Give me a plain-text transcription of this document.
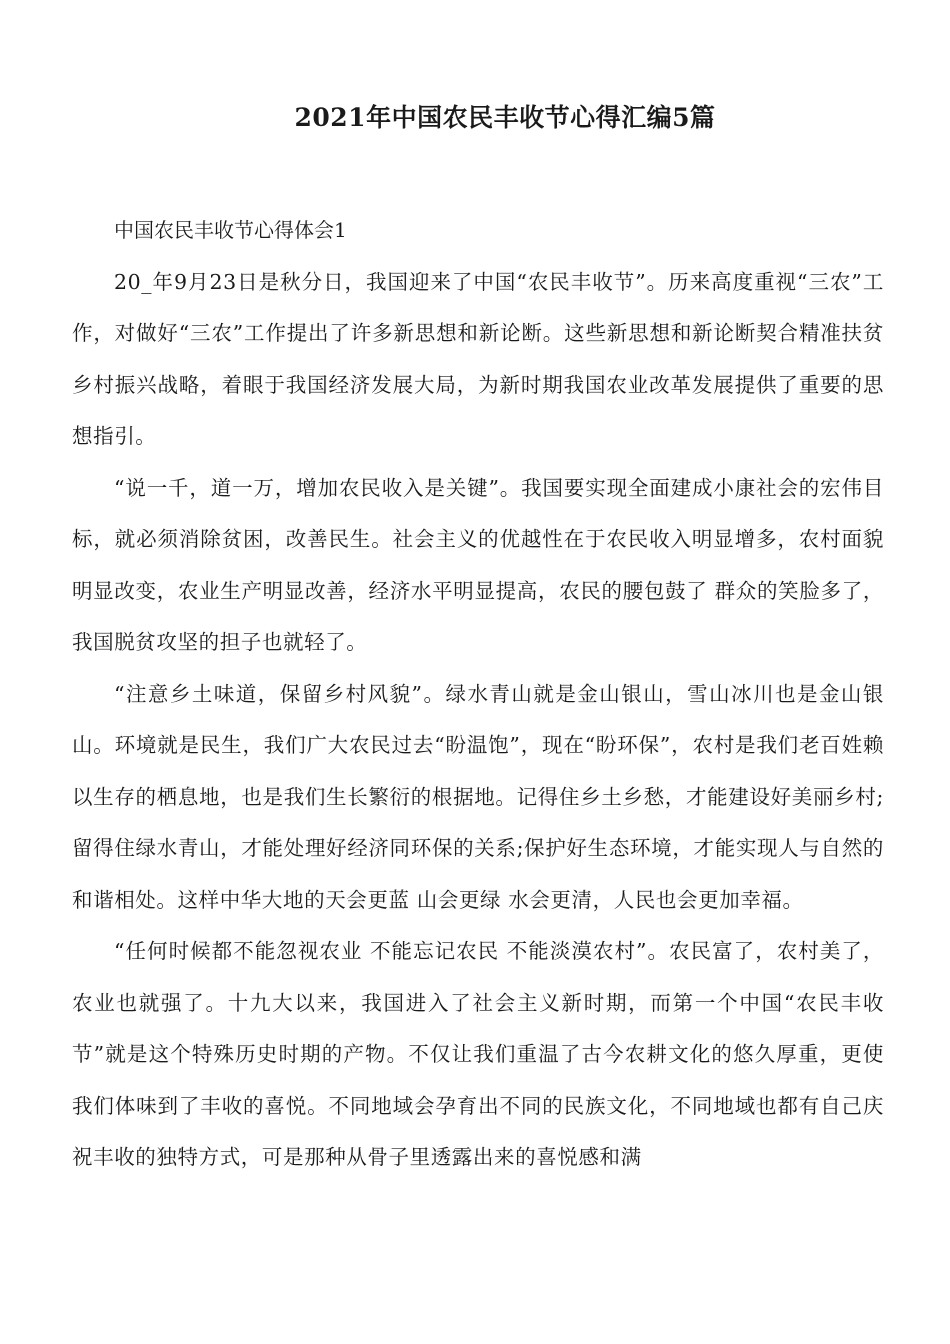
2021年中国农民丰收节心得汇编5篇

中国农民丰收节心得体会1

20_年9月23日是秋分日，我国迎来了中国“农民丰收节”。历来高度重视“三农”工作，对做好“三农”工作提出了许多新思想和新论断。这些新思想和新论断契合精准扶贫 乡村振兴战略，着眼于我国经济发展大局，为新时期我国农业改革发展提供了重要的思想指引。

“说一千，道一万，增加农民收入是关键”。我国要实现全面建成小康社会的宏伟目标，就必须消除贫困，改善民生。社会主义的优越性在于农民收入明显增多，农村面貌明显改变，农业生产明显改善，经济水平明显提高，农民的腰包鼓了 群众的笑脸多了，我国脱贫攻坚的担子也就轻了。

“注意乡土味道，保留乡村风貌”。绿水青山就是金山银山，雪山冰川也是金山银山。环境就是民生，我们广大农民过去“盼温饱”，现在“盼环保”，农村是我们老百姓赖以生存的栖息地，也是我们生长繁衍的根据地。记得住乡土乡愁，才能建设好美丽乡村;留得住绿水青山，才能处理好经济同环保的关系;保护好生态环境，才能实现人与自然的和谐相处。这样中华大地的天会更蓝 山会更绿 水会更清，人民也会更加幸福。

“任何时候都不能忽视农业 不能忘记农民 不能淡漠农村”。农民富了，农村美了，农业也就强了。十九大以来，我国进入了社会主义新时期，而第一个中国“农民丰收节”就是这个特殊历史时期的产物。不仅让我们重温了古今农耕文化的悠久厚重，更使我们体味到了丰收的喜悦。不同地域会孕育出不同的民族文化，不同地域也都有自己庆祝丰收的独特方式，可是那种从骨子里透露出来的喜悦感和满
